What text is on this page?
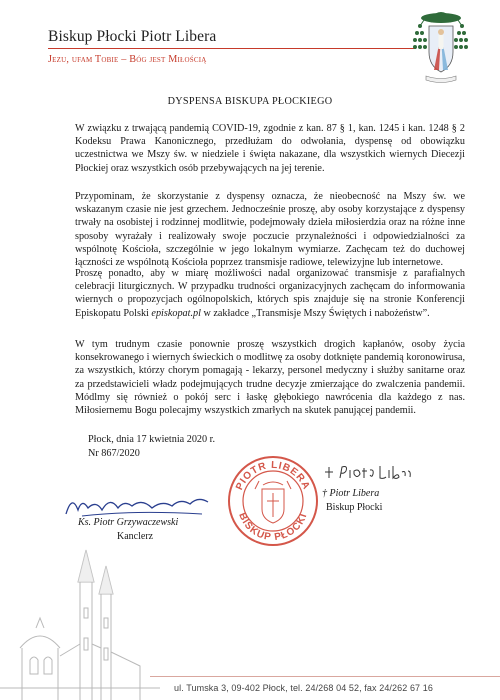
Biskup Płocki Piotr Libera
Jezu, ufam Tobie – Bóg jest Miłością
DYSPENSA BISKUPA PŁOCKIEGO
W związku z trwającą pandemią COVID-19, zgodnie z kan. 87 § 1, kan. 1245 i kan. 1248 § 2 Kodeksu Prawa Kanonicznego, przedłużam do odwołania, dyspensę od obowiązku uczestnictwa we Mszy św. w niedziele i święta nakazane, dla wszystkich wiernych Diecezji Płockiej oraz wszystkich osób przebywających na jej terenie.
Przypominam, że skorzystanie z dyspensy oznacza, że nieobecność na Mszy św. we wskazanym czasie nie jest grzechem. Jednocześnie proszę, aby osoby korzystające z dyspensy trwały na osobistej i rodzinnej modlitwie, podejmowały dzieła miłosierdzia oraz na różne inne sposoby wyrażały i realizowały swoje poczucie przynależności i odpowiedzialności za wspólnotę Kościoła, szczególnie w jego lokalnym wymiarze. Zachęcam też do duchowej łączności ze wspólnotą Kościoła poprzez transmisje radiowe, telewizyjne lub internetowe.
Proszę ponadto, aby w miarę możliwości nadal organizować transmisje z parafialnych celebracji liturgicznych. W przypadku trudności organizacyjnych zachęcam do informowania wiernych o propozycjach ogólnopolskich, których spis znajduje się na stronie Konferencji Episkopatu Polski episkopat.pl w zakładce „Transmisje Mszy Świętych i nabożeństw”.
W tym trudnym czasie ponownie proszę wszystkich drogich kapłanów, osoby życia konsekrowanego i wiernych świeckich o modlitwę za osoby dotknięte pandemią koronowirusa, za wszystkich, którzy chorym pomagają - lekarzy, personel medyczny i służby sanitarne oraz za przedstawicieli władz podejmujących trudne decyzje zmierzające do zwalczenia pandemii. Módlmy się również o pokój serc i łaskę głębokiego nawrócenia dla każdego z nas. Miłosiernemu Bogu polecajmy wszystkich zmarłych na skutek panującej pandemii.
Płock, dnia 17 kwietnia 2020 r.
Nr 867/2020
Ks. Piotr Grzywaczewski
Kanclerz
PIOTR LIBERA
BISKUP PŁOCKI
† Piotr Libera
Biskup Płocki
ul. Tumska 3, 09-402 Płock, tel. 24/268 04 52, fax 24/262 67 16
